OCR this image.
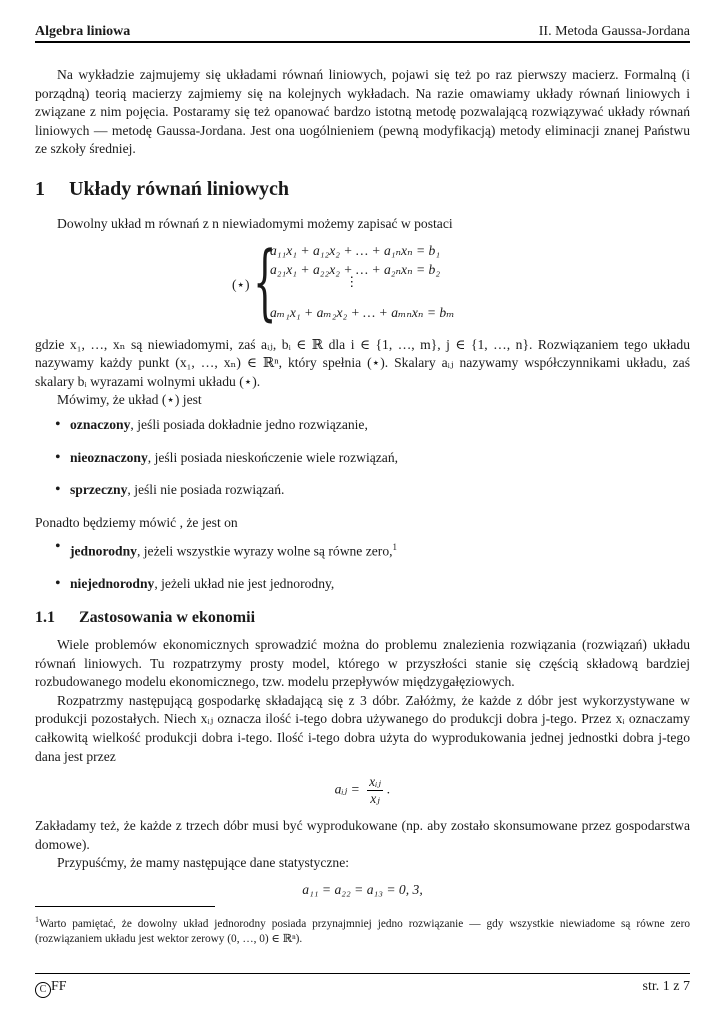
Algebra liniowa	II. Metoda Gaussa-Jordana

Na wykładzie zajmujemy się układami równań liniowych, pojawi się też po raz pierwszy macierz. Formalną (i porządną) teorią macierzy zajmiemy się na kolejnych wykładach. Na razie omawiamy układy równań liniowych i związane z nim pojęcia. Postaramy się też opanować bardzo istotną metodę pozwalającą rozwiązywać układy równań liniowych — metodę Gaussa-Jordana. Jest ona uogólnieniem (pewną modyfikacją) metody eliminacji znanej Państwu ze szkoły średniej.

1 Układy równań liniowych

Dowolny układ m równań z n niewiadomymi możemy zapisać w postaci

(⋆) {
a₁₁x₁ + a₁₂x₂ + … + a₁ₙxₙ = b₁
a₂₁x₁ + a₂₂x₂ + … + a₂ₙxₙ = b₂
⋮
aₘ₁x₁ + aₘ₂x₂ + … + aₘₙxₙ = bₘ

gdzie x₁, …, xₙ są niewiadomymi, zaś aᵢⱼ, bᵢ ∈ ℝ dla i ∈ {1, …, m}, j ∈ {1, …, n}. Rozwiązaniem tego układu nazywamy każdy punkt (x₁, …, xₙ) ∈ ℝⁿ, który spełnia (⋆). Skalary aᵢⱼ nazywamy współczynnikami układu, zaś skalary bᵢ wyrazami wolnymi układu (⋆).

Mówimy, że układ (⋆) jest

• oznaczony, jeśli posiada dokładnie jedno rozwiązanie,
• nieoznaczony, jeśli posiada nieskończenie wiele rozwiązań,
• sprzeczny, jeśli nie posiada rozwiązań.

Ponadto będziemy mówić , że jest on

• jednorodny, jeżeli wszystkie wyrazy wolne są równe zero,$^1$
• niejednorodny, jeżeli układ nie jest jednorodny,
1.1 Zastosowania w ekonomii

Wiele problemów ekonomicznych sprowadzić można do problemu znalezienia rozwiązania (rozwiązań) układu równań liniowych. Tu rozpatrzymy prosty model, którego w przyszłości stanie się częścią składową bardziej rozbudowanego modelu ekonomicznego, tzw. modelu przepływów międzygałęziowych.

Rozpatrzmy następującą gospodarkę składającą się z 3 dóbr. Załóżmy, że każde z dóbr jest wykorzystywane w produkcji pozostałych. Niech xᵢⱼ oznacza ilość i-tego dobra używanego do produkcji dobra j-tego. Przez xᵢ oznaczamy całkowitą wielkość produkcji dobra i-tego. Ilość i-tego dobra użyta do wyprodukowania jednej jednostki dobra j-tego dana jest przez

aᵢⱼ = $\frac{\text{xᵢⱼ}}{\text{xⱼ}}$ .

Zakładamy też, że każde z trzech dóbr musi być wyprodukowane (np. aby zostało skonsumowane przez gospodarstwa domowe).

Przypuśćmy, że mamy następujące dane statystyczne:

a₁₁ = a₂₂ = a₁₃ = 0, 3,
$^1$Warto pamiętać, że dowolny układ jednorodny posiada przynajmniej jedno rozwiązanie — gdy wszystkie niewiadome są równe zero (rozwiązaniem układu jest wektor zerowy (0, …, 0) ∈ ℝⁿ).
C FF	str. 1 z 7
